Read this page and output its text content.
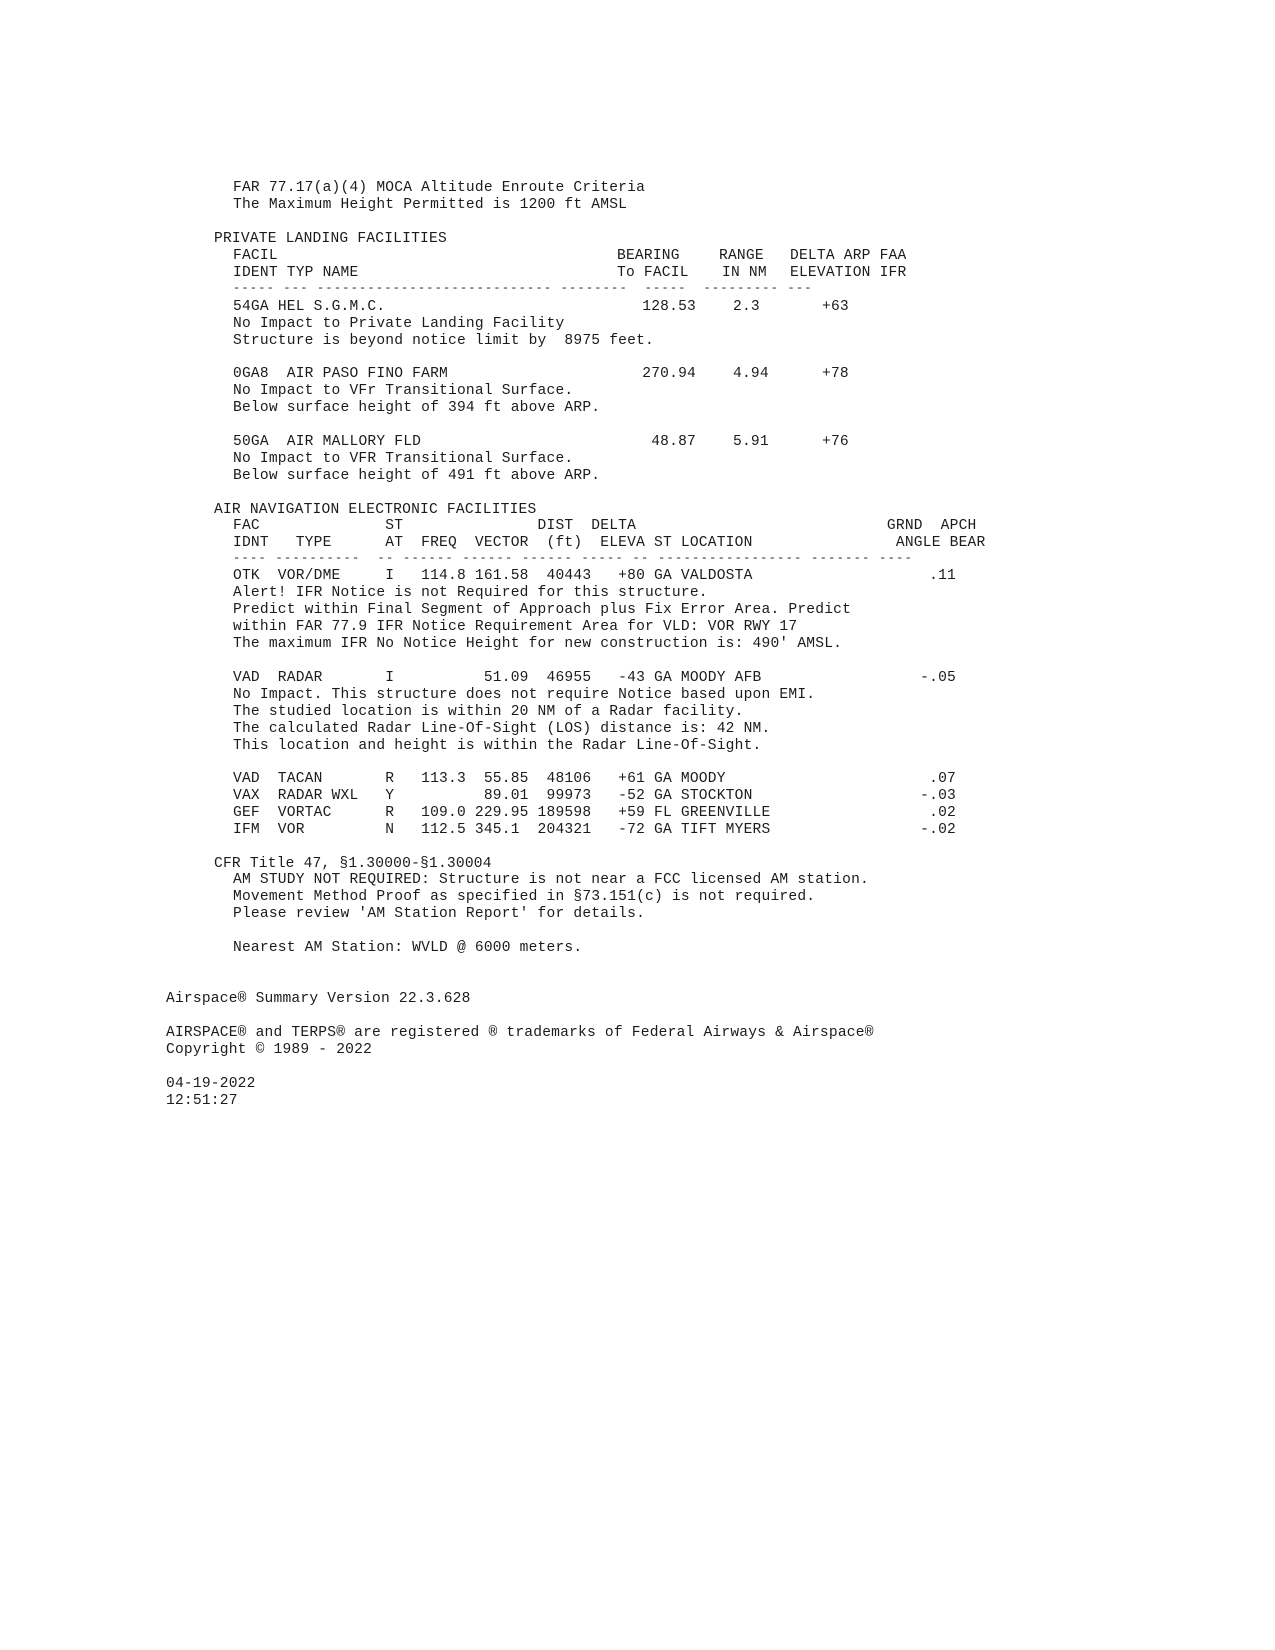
FAR 77.17(a)(4) MOCA Altitude Enroute Criteria
The Maximum Height Permitted is 1200 ft AMSL
PRIVATE LANDING FACILITIES
FACIL	BEARING	RANGE DELTA ARP FAA
IDENT TYP NAME	To FACIL IN NM ELEVATION IFR
----- --- ---------------------------- --------  -----  --------- ---
54GA HEL S.G.M.C.	128.53	2.3	+63
No Impact to Private Landing Facility
Structure is beyond notice limit by  8975 feet.
0GA8 AIR PASO FINO FARM	270.94	4.94	+78
No Impact to VFr Transitional Surface.
Below surface height of 394 ft above ARP.
50GA AIR MALLORY FLD	48.87	5.91	+76
No Impact to VFR Transitional Surface.
Below surface height of 491 ft above ARP.
AIR NAVIGATION ELECTRONIC FACILITIES
FAC              ST               DIST  DELTA                            GRND  APCH
IDNT   TYPE      AT  FREQ  VECTOR  (ft)  ELEVA ST LOCATION                ANGLE BEAR
---- ----------  -- ------ ------ ------ ----- -- ----------------- ------- ----
OTK  VOR/DME     I   114.8 161.58  40443   +80 GA VALDOSTA	.11
Alert! IFR Notice is not Required for this structure.
Predict within Final Segment of Approach plus Fix Error Area. Predict
within FAR 77.9 IFR Notice Requirement Area for VLD: VOR RWY 17
The maximum IFR No Notice Height for new construction is: 490' AMSL.
VAD  RADAR       I          51.09  46955   -43 GA MOODY AFB	-.05
No Impact. This structure does not require Notice based upon EMI.
The studied location is within 20 NM of a Radar facility.
The calculated Radar Line-Of-Sight (LOS) distance is: 42 NM.
This location and height is within the Radar Line-Of-Sight.
VAD  TACAN       R   113.3  55.85  48106   +61 GA MOODY	.07
VAX  RADAR WXL   Y          89.01  99973   -52 GA STOCKTON	-.03
GEF  VORTAC      R   109.0 229.95 189598   +59 FL GREENVILLE	.02
IFM  VOR         N   112.5 345.1  204321   -72 GA TIFT MYERS	-.02
CFR Title 47, §1.30000-§1.30004
AM STUDY NOT REQUIRED: Structure is not near a FCC licensed AM station.
Movement Method Proof as specified in §73.151(c) is not required.
Please review 'AM Station Report' for details.
Nearest AM Station: WVLD @ 6000 meters.
Airspace® Summary Version 22.3.628
AIRSPACE® and TERPS® are registered ® trademarks of Federal Airways & Airspace®
Copyright © 1989 - 2022
04-19-2022
12:51:27
